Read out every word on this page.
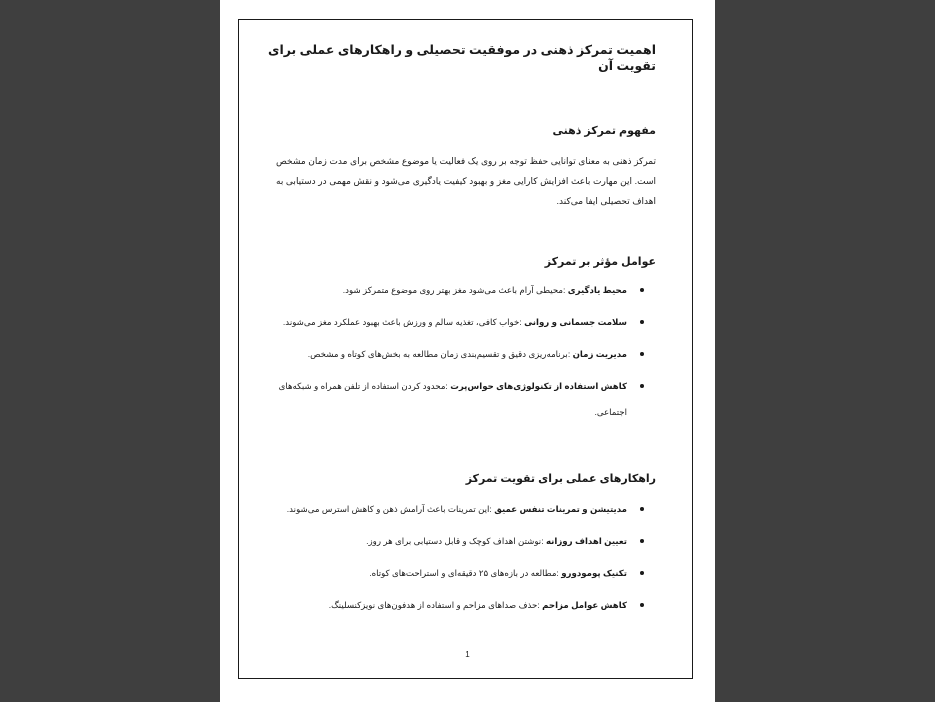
اهمیت تمرکز ذهنی در موفقیت تحصیلی و راهکارهای عملی برای تقویت آن
مفهوم تمرکز ذهنی

تمرکز ذهنی به معنای توانایی حفظ توجه بر روی یک فعالیت یا موضوع مشخص برای مدت زمان مشخص است. این مهارت باعث افزایش کارایی مغز و بهبود کیفیت یادگیری می‌شود و نقش مهمی در دستیابی به اهداف تحصیلی ایفا می‌کند.

عوامل مؤثر بر تمرکز
محیط یادگیری :محیطی آرام باعث می‌شود مغز بهتر روی موضوع متمرکز شود.
سلامت جسمانی و روانی :خواب کافی، تغذیه سالم و ورزش باعث بهبود عملکرد مغز می‌شوند.
مدیریت زمان :برنامه‌ریزی دقیق و تقسیم‌بندی زمان مطالعه به بخش‌های کوتاه و مشخص.
کاهش استفاده از تکنولوژی‌های حواس‌پرت :محدود کردن استفاده از تلفن همراه و شبکه‌های اجتماعی.
راهکارهای عملی برای تقویت تمرکز
مدیتیشن و تمرینات تنفس عمیق :این تمرینات باعث آرامش ذهن و کاهش استرس می‌شوند.
تعیین اهداف روزانه :نوشتن اهداف کوچک و قابل دستیابی برای هر روز.
تکنیک پومودورو :مطالعه در بازه‌های ۲۵ دقیقه‌ای و استراحت‌های کوتاه.
کاهش عوامل مزاحم :حذف صداهای مزاحم و استفاده از هدفون‌های نویزکنسلینگ.
1
